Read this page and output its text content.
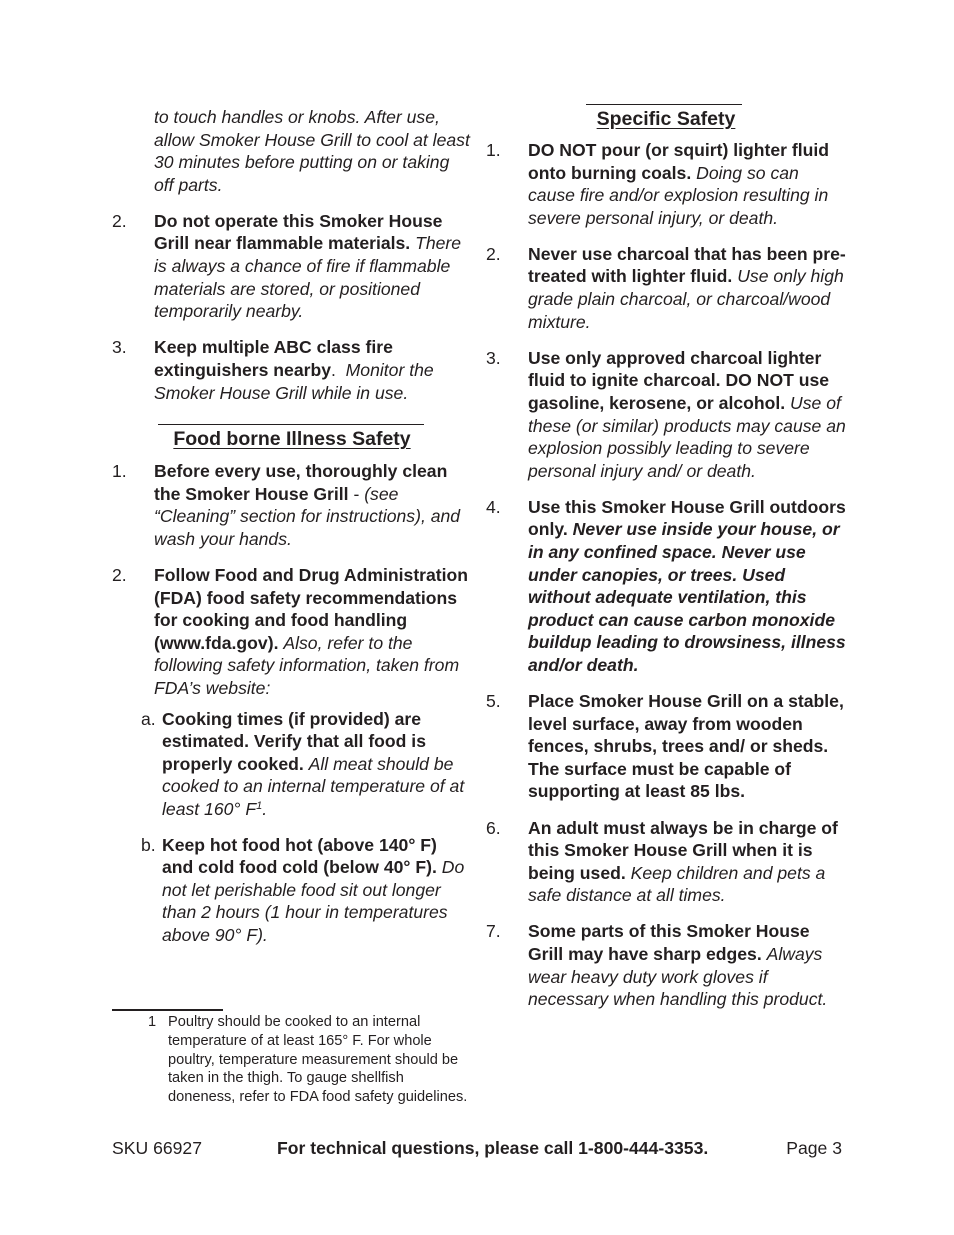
to touch handles or knobs. After use, allow Smoker House Grill to cool at least 30 minutes before putting on or taking off parts.
2. Do not operate this Smoker House Grill near flammable materials. There is always a chance of fire if flammable materials are stored, or positioned temporarily nearby.
3. Keep multiple ABC class fire extinguishers nearby. Monitor the Smoker House Grill while in use.
Food borne Illness Safety
1. Before every use, thoroughly clean the Smoker House Grill - (see “Cleaning” section for instructions), and wash your hands.
2. Follow Food and Drug Administration (FDA) food safety recommendations for cooking and food handling (www.fda.gov). Also, refer to the following safety information, taken from FDA’s website:
a. Cooking times (if provided) are estimated. Verify that all food is properly cooked. All meat should be cooked to an internal temperature of at least 160° $F^1$.
b. Keep hot food hot (above 140° F) and cold food cold (below 40° F). Do not let perishable food sit out longer than 2 hours (1 hour in temperatures above 90° F).
Specific Safety
1. DO NOT pour (or squirt) lighter fluid onto burning coals. Doing so can cause fire and/or explosion resulting in severe personal injury, or death.
2. Never use charcoal that has been pre-treated with lighter fluid. Use only high grade plain charcoal, or charcoal/wood mixture.
3. Use only approved charcoal lighter fluid to ignite charcoal. DO NOT use gasoline, kerosene, or alcohol. Use of these (or similar) products may cause an explosion possibly leading to severe personal injury and/ or death.
4. Use this Smoker House Grill outdoors only. Never use inside your house, or in any confined space. Never use under canopies, or trees. Used without adequate ventilation, this product can cause carbon monoxide buildup leading to drowsiness, illness and/or death.
5. Place Smoker House Grill on a stable, level surface, away from wooden fences, shrubs, trees and/ or sheds. The surface must be capable of supporting at least 85 lbs.
6. An adult must always be in charge of this Smoker House Grill when it is being used. Keep children and pets a safe distance at all times.
7. Some parts of this Smoker House Grill may have sharp edges. Always wear heavy duty work gloves if necessary when handling this product.
1 Poultry should be cooked to an internal temperature of at least 165° F. For whole poultry, temperature measurement should be taken in the thigh. To gauge shellfish doneness, refer to FDA food safety guidelines.
SKU 66927	For technical questions, please call 1-800-444-3353.	Page 3
